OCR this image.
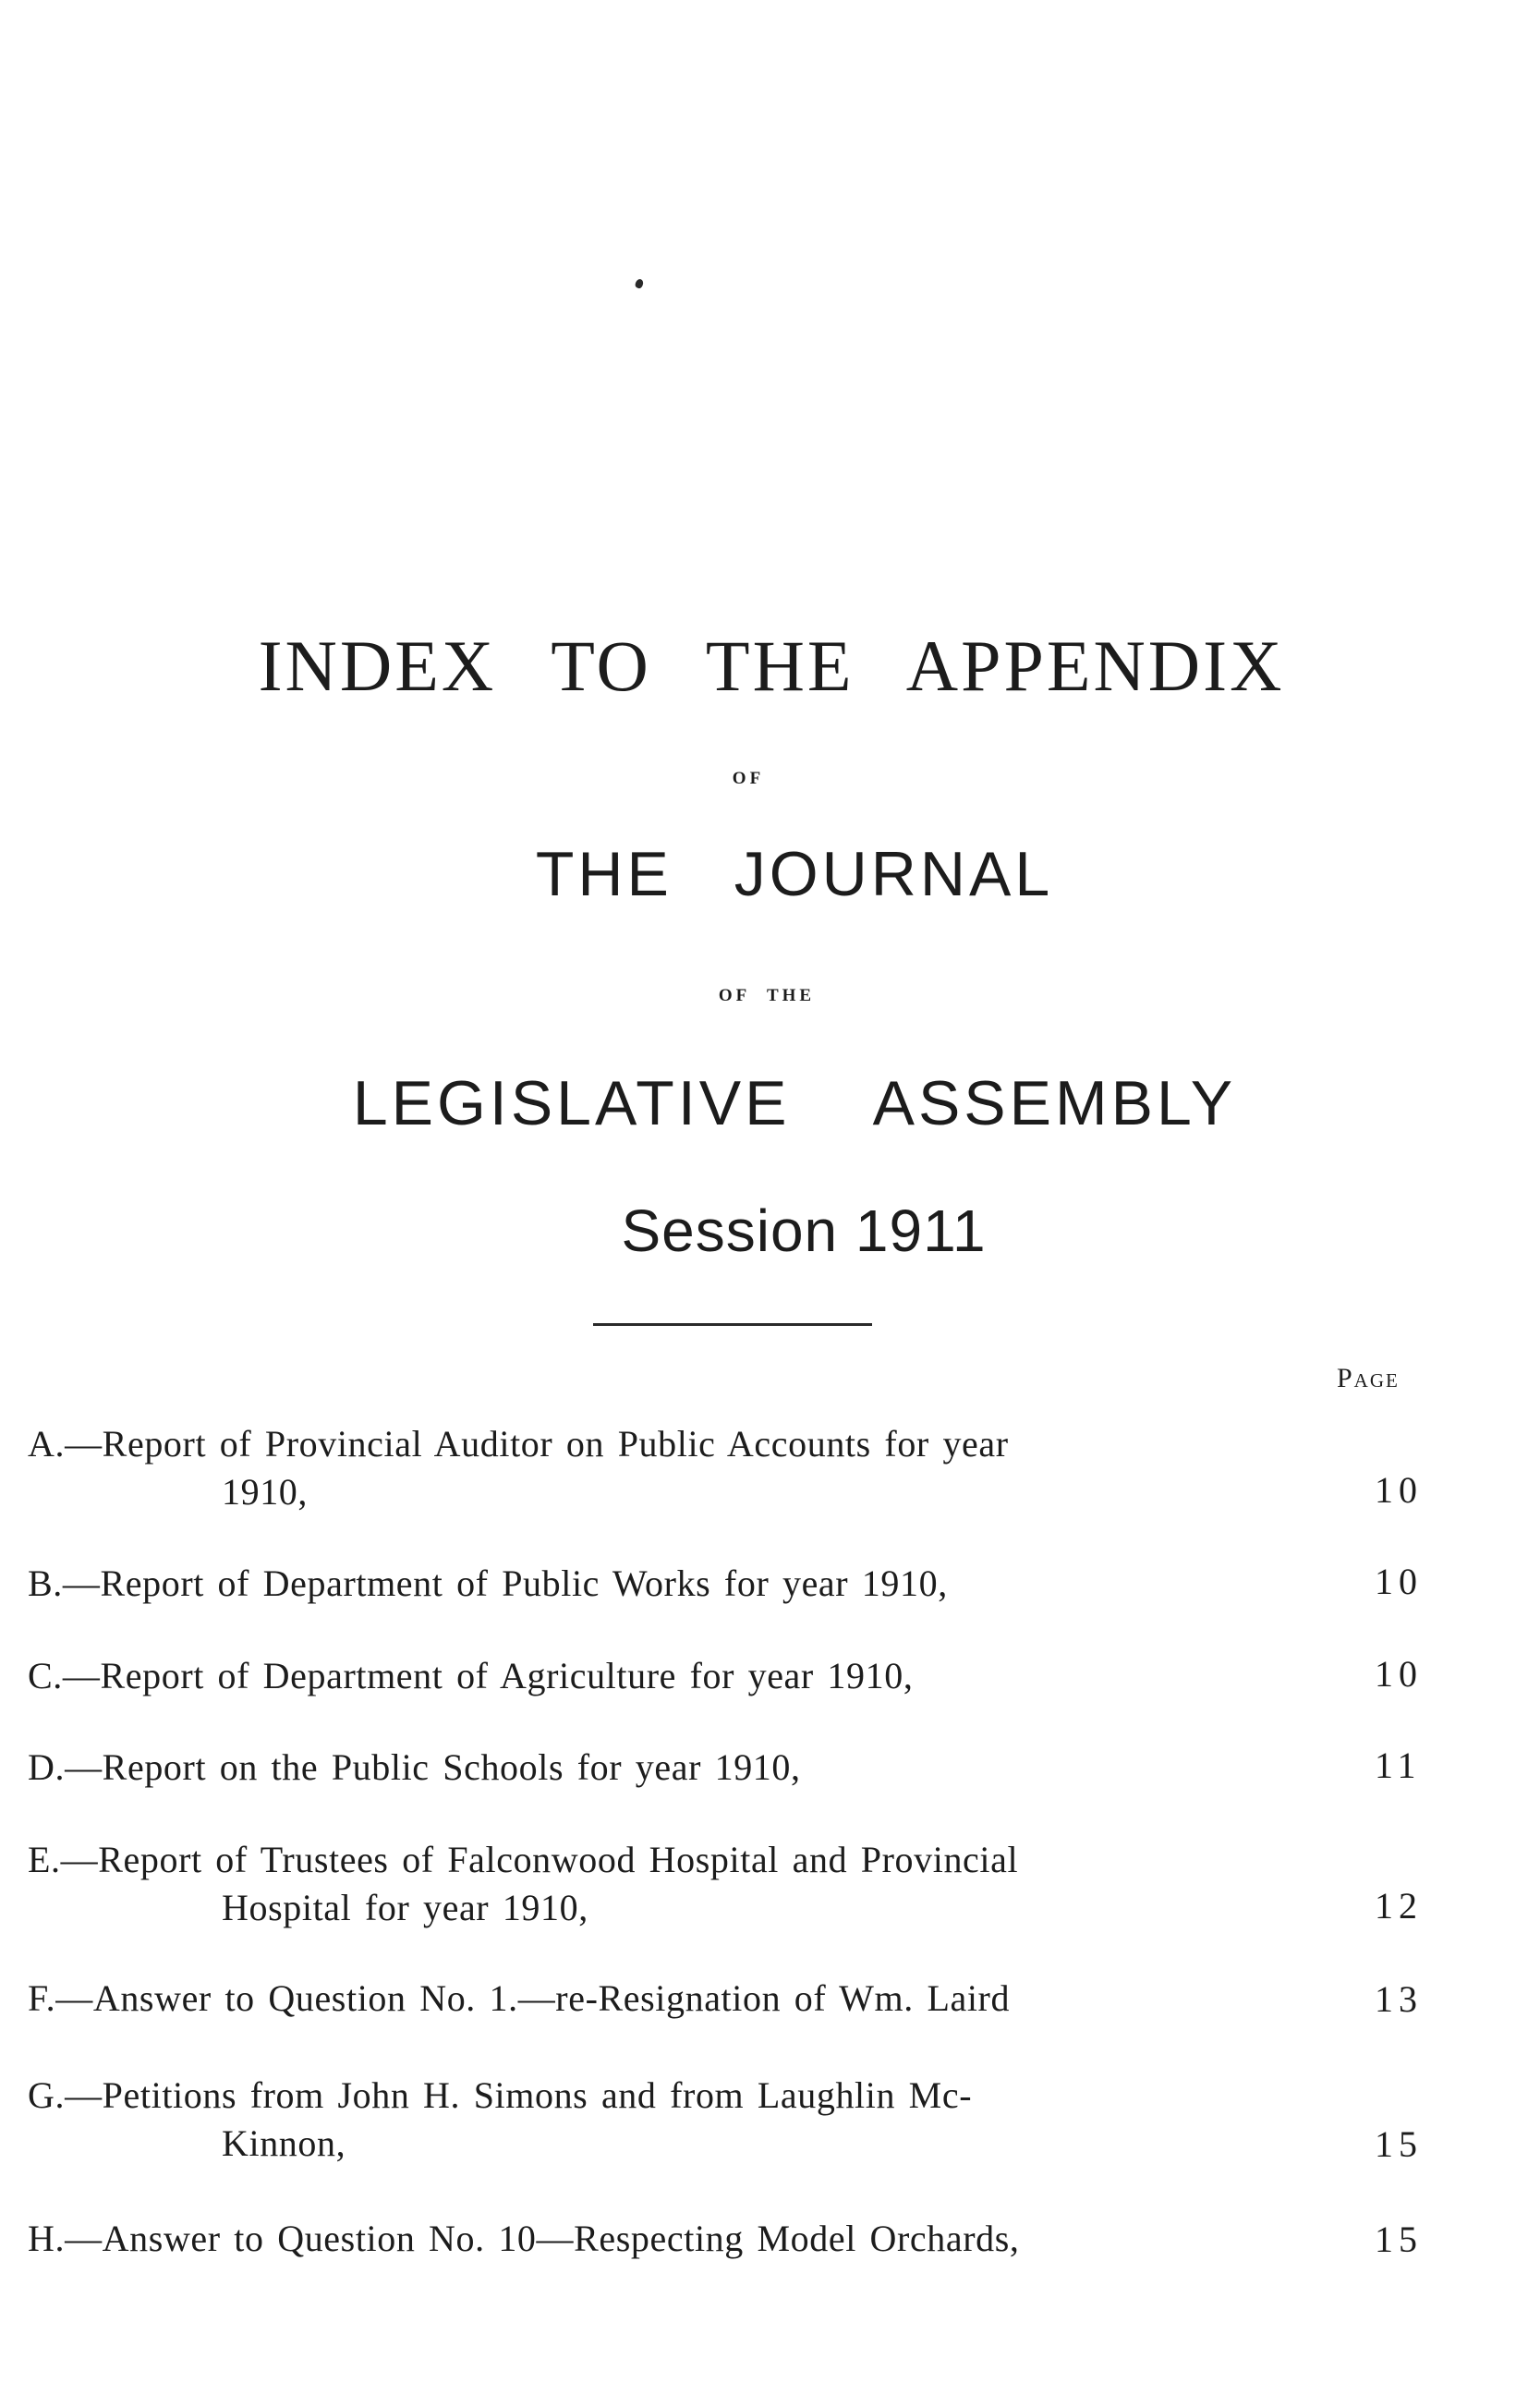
INDEX TO THE APPENDIX
OF
THE JOURNAL
OF THE
LEGISLATIVE ASSEMBLY
Session 1911
Page
A.—Report of Provincial Auditor on Public Accounts for year
1910,	10
B.—Report of Department of Public Works for year 1910,	10
C.—Report of Department of Agriculture for year 1910,	10
D.—Report on the Public Schools for year 1910,	11
E.—Report of Trustees of Falconwood Hospital and Provincial
Hospital for year 1910,	12
F.—Answer to Question No. 1.—re-Resignation of Wm. Laird	13
G.—Petitions from John H. Simons and from Laughlin Mc-
Kinnon,	15
H.—Answer to Question No. 10—Respecting Model Orchards,	15
